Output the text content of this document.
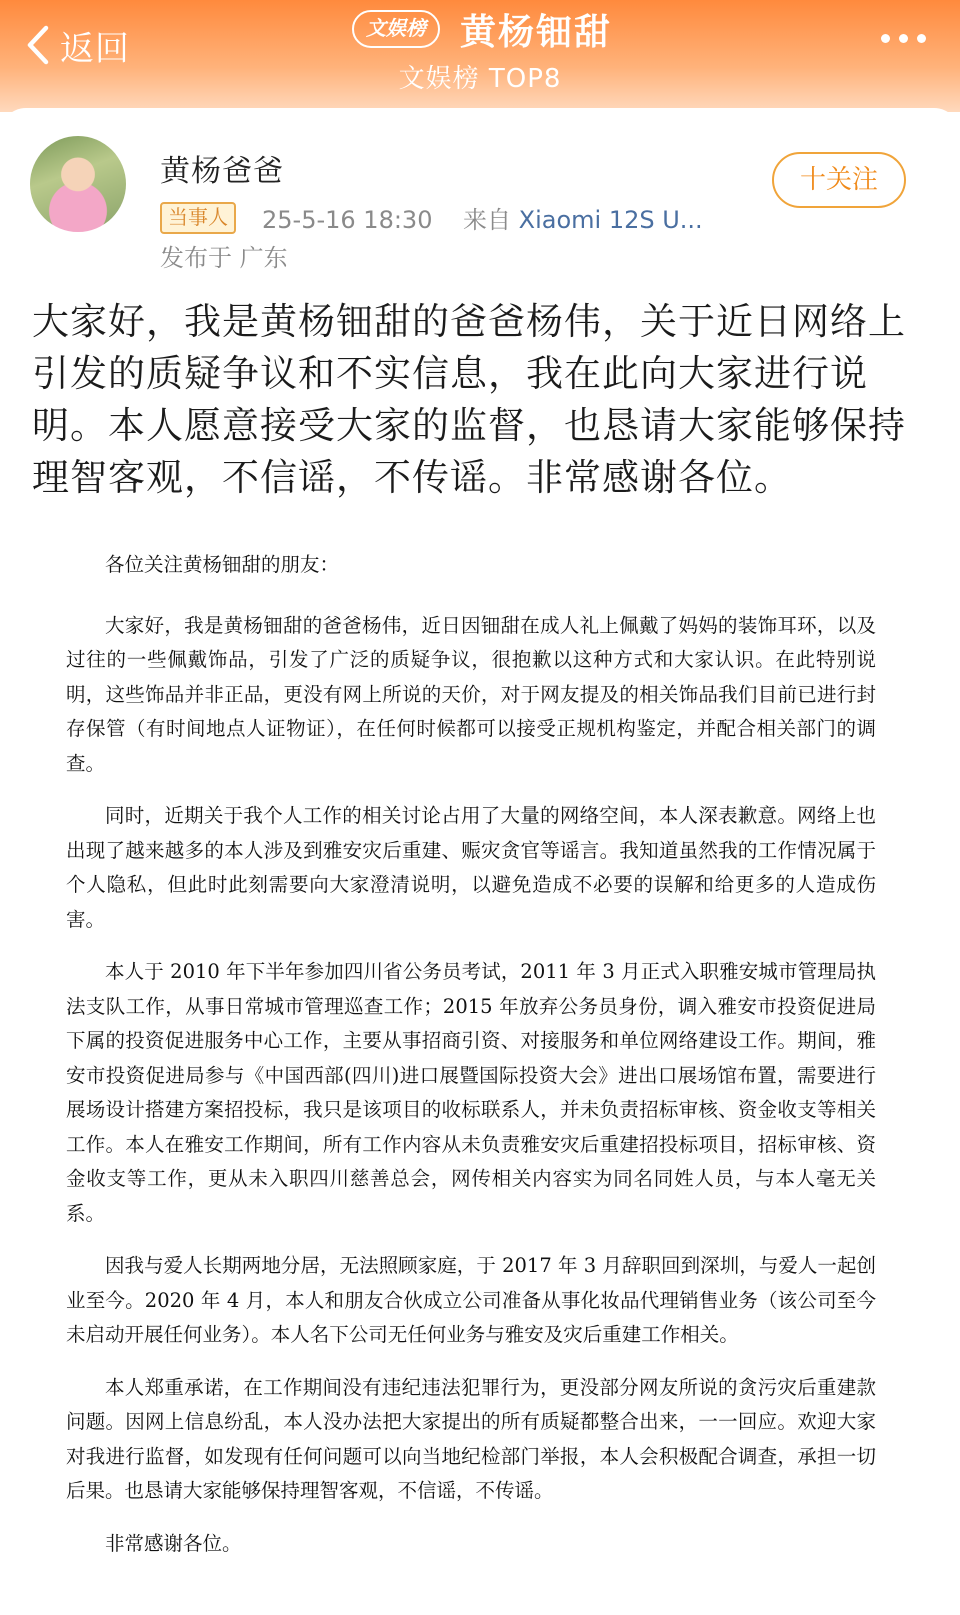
返回
文娱榜 黄杨钿甜
文娱榜 TOP8
黄杨爸爸
当事人	25-5-16 18:30 来自 Xiaomi 12S U...
发布于 广东
十关注
大家好，我是黄杨钿甜的爸爸杨伟，关于近日网络上引发的质疑争议和不实信息，我在此向大家进行说明。本人愿意接受大家的监督，也恳请大家能够保持理智客观，不信谣，不传谣。非常感谢各位。

各位关注黄杨钿甜的朋友：

大家好，我是黄杨钿甜的爸爸杨伟，近日因钿甜在成人礼上佩戴了妈妈的装饰耳环，以及过往的一些佩戴饰品，引发了广泛的质疑争议，很抱歉以这种方式和大家认识。在此特别说明，这些饰品并非正品，更没有网上所说的天价，对于网友提及的相关饰品我们目前已进行封存保管（有时间地点人证物证），在任何时候都可以接受正规机构鉴定，并配合相关部门的调查。

同时，近期关于我个人工作的相关讨论占用了大量的网络空间，本人深表歉意。网络上也出现了越来越多的本人涉及到雅安灾后重建、赈灾贪官等谣言。我知道虽然我的工作情况属于个人隐私，但此时此刻需要向大家澄清说明，以避免造成不必要的误解和给更多的人造成伤害。

本人于 2010 年下半年参加四川省公务员考试，2011 年 3 月正式入职雅安城市管理局执法支队工作，从事日常城市管理巡查工作；2015 年放弃公务员身份，调入雅安市投资促进局下属的投资促进服务中心工作，主要从事招商引资、对接服务和单位网络建设工作。期间，雅安市投资促进局参与《中国西部(四川)进口展暨国际投资大会》进出口展场馆布置，需要进行展场设计搭建方案招投标，我只是该项目的收标联系人，并未负责招标审核、资金收支等相关工作。本人在雅安工作期间，所有工作内容从未负责雅安灾后重建招投标项目，招标审核、资金收支等工作，更从未入职四川慈善总会，网传相关内容实为同名同姓人员，与本人毫无关系。

因我与爱人长期两地分居，无法照顾家庭，于 2017 年 3 月辞职回到深圳，与爱人一起创业至今。2020 年 4 月，本人和朋友合伙成立公司准备从事化妆品代理销售业务（该公司至今未启动开展任何业务）。本人名下公司无任何业务与雅安及灾后重建工作相关。

本人郑重承诺，在工作期间没有违纪违法犯罪行为，更没部分网友所说的贪污灾后重建款问题。因网上信息纷乱，本人没办法把大家提出的所有质疑都整合出来，一一回应。欢迎大家对我进行监督，如发现有任何问题可以向当地纪检部门举报，本人会积极配合调查，承担一切后果。也恳请大家能够保持理智客观，不信谣，不传谣。

非常感谢各位。
